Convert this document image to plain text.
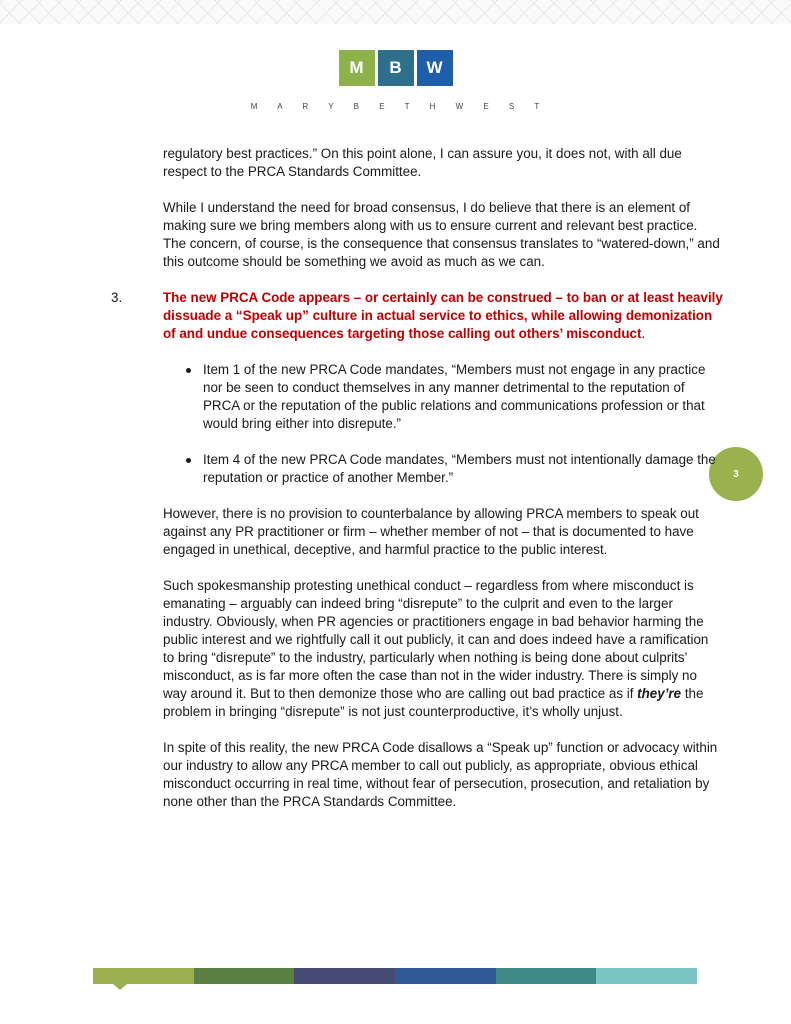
M	B	W
M A R Y B E T H W E S T
3

regulatory best practices.” On this point alone, I can assure you, it does not, with all due respect to the PRCA Standards Committee.

While I understand the need for broad consensus, I do believe that there is an element of making sure we bring members along with us to ensure current and relevant best practice. The concern, of course, is the consequence that consensus translates to “watered-down,” and this outcome should be something we avoid as much as we can.

3.	The new PRCA Code appears – or certainly can be construed – to ban or at least heavily dissuade a “Speak up” culture in actual service to ethics, while allowing demonization of and undue consequences targeting those calling out others’ misconduct.
Item 1 of the new PRCA Code mandates, “Members must not engage in any practice nor be seen to conduct themselves in any manner detrimental to the reputation of PRCA or the reputation of the public relations and communications profession or that would bring either into disrepute.”
Item 4 of the new PRCA Code mandates, “Members must not intentionally damage the reputation or practice of another Member.”

However, there is no provision to counterbalance by allowing PRCA members to speak out against any PR practitioner or firm – whether member of not – that is documented to have engaged in unethical, deceptive, and harmful practice to the public interest.

Such spokesmanship protesting unethical conduct – regardless from where misconduct is emanating – arguably can indeed bring “disrepute” to the culprit and even to the larger industry. Obviously, when PR agencies or practitioners engage in bad behavior harming the public interest and we rightfully call it out publicly, it can and does indeed have a ramification to bring “disrepute” to the industry, particularly when nothing is being done about culprits’ misconduct, as is far more often the case than not in the wider industry. There is simply no way around it. But to then demonize those who are calling out bad practice as if they’re the problem in bringing “disrepute” is not just counterproductive, it’s wholly unjust.

In spite of this reality, the new PRCA Code disallows a “Speak up” function or advocacy within our industry to allow any PRCA member to call out publicly, as appropriate, obvious ethical misconduct occurring in real time, without fear of persecution, prosecution, and retaliation by none other than the PRCA Standards Committee.
